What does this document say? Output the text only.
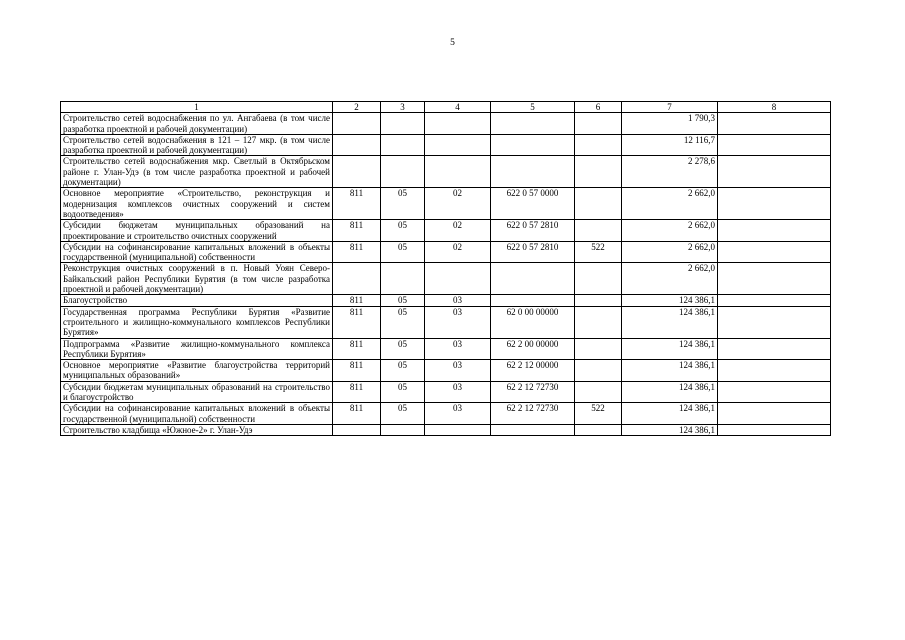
5
1	2	3	4	5	6	7	8
Строительство сетей водоснабжения по ул. Ангабаева (в том числе разработка проектной и рабочей документации)						1 790,3	
Строительство сетей водоснабжения в 121 – 127 мкр. (в том числе разработка проектной и рабочей документации)						12 116,7	
Строительство сетей водоснабжения мкр. Светлый в Октябрьском районе г. Улан-Удэ (в том числе разработка проектной и рабочей документации)						2 278,6	
Основное мероприятие «Строительство, реконструкция и модернизация комплексов очистных сооружений и систем водоотведения»	811	05	02	622 0 57 0000		2 662,0	
Субсидии бюджетам муниципальных образований на проектирование и строительство очистных сооружений	811	05	02	622 0 57 2810		2 662,0	
Субсидии на софинансирование капитальных вложений в объекты государственной (муниципальной) собственности	811	05	02	622 0 57 2810	522	2 662,0	
Реконструкция очистных сооружений в п. Новый Уоян Северо-Байкальский район Республики Бурятия (в том числе разработка проектной и рабочей документации)						2 662,0	
Благоустройство	811	05	03			124 386,1	
Государственная программа Республики Бурятия «Развитие строительного и жилищно-коммунального комплексов Республики Бурятия»	811	05	03	62 0 00 00000		124 386,1	
Подпрограмма «Развитие жилищно-коммунального комплекса Республики Бурятия»	811	05	03	62 2 00 00000		124 386,1	
Основное мероприятие «Развитие благоустройства территорий муниципальных образований»	811	05	03	62 2 12 00000		124 386,1	
Субсидии бюджетам муниципальных образований на строительство и благоустройство	811	05	03	62 2 12 72730		124 386,1	
Субсидии на софинансирование капитальных вложений в объекты государственной (муниципальной) собственности	811	05	03	62 2 12 72730	522	124 386,1	
Строительство кладбища «Южное-2» г. Улан-Удэ						124 386,1	
